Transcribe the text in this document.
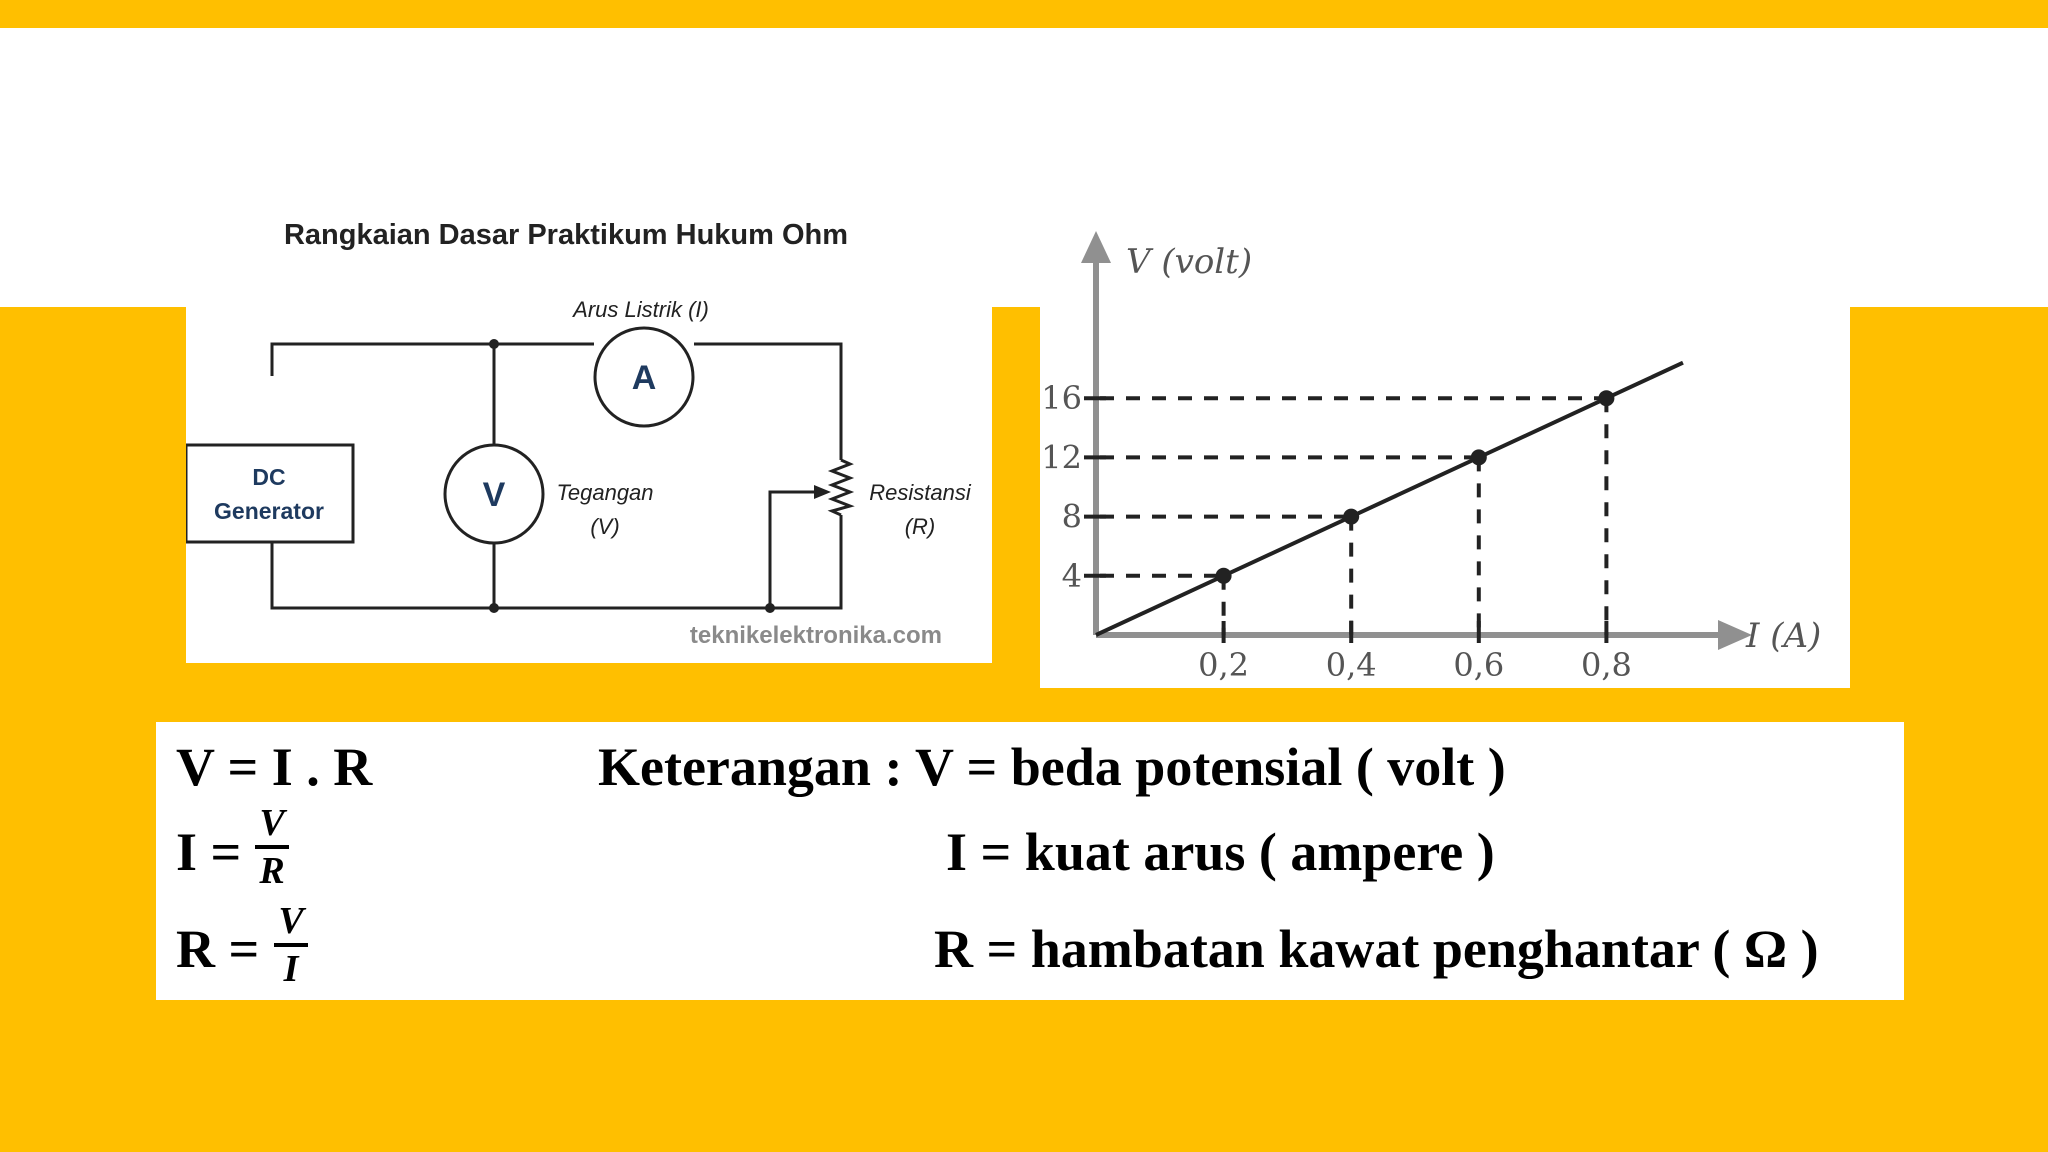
Rangkaian Dasar Praktikum Hukum Ohm
DC
Generator
A
Arus Listrik (I)
V Tegangan
(V)
Resistansi
(R)
teknikelektronika.com
V (volt)
I (A)
4
0,2
8
0,4
12
0,6
16
0,8
V = I . R
I = V
R
R = V
I
Keterangan : V = beda potensial ( volt )
I = kuat arus ( ampere )
R = hambatan kawat penghantar ( Ω )
